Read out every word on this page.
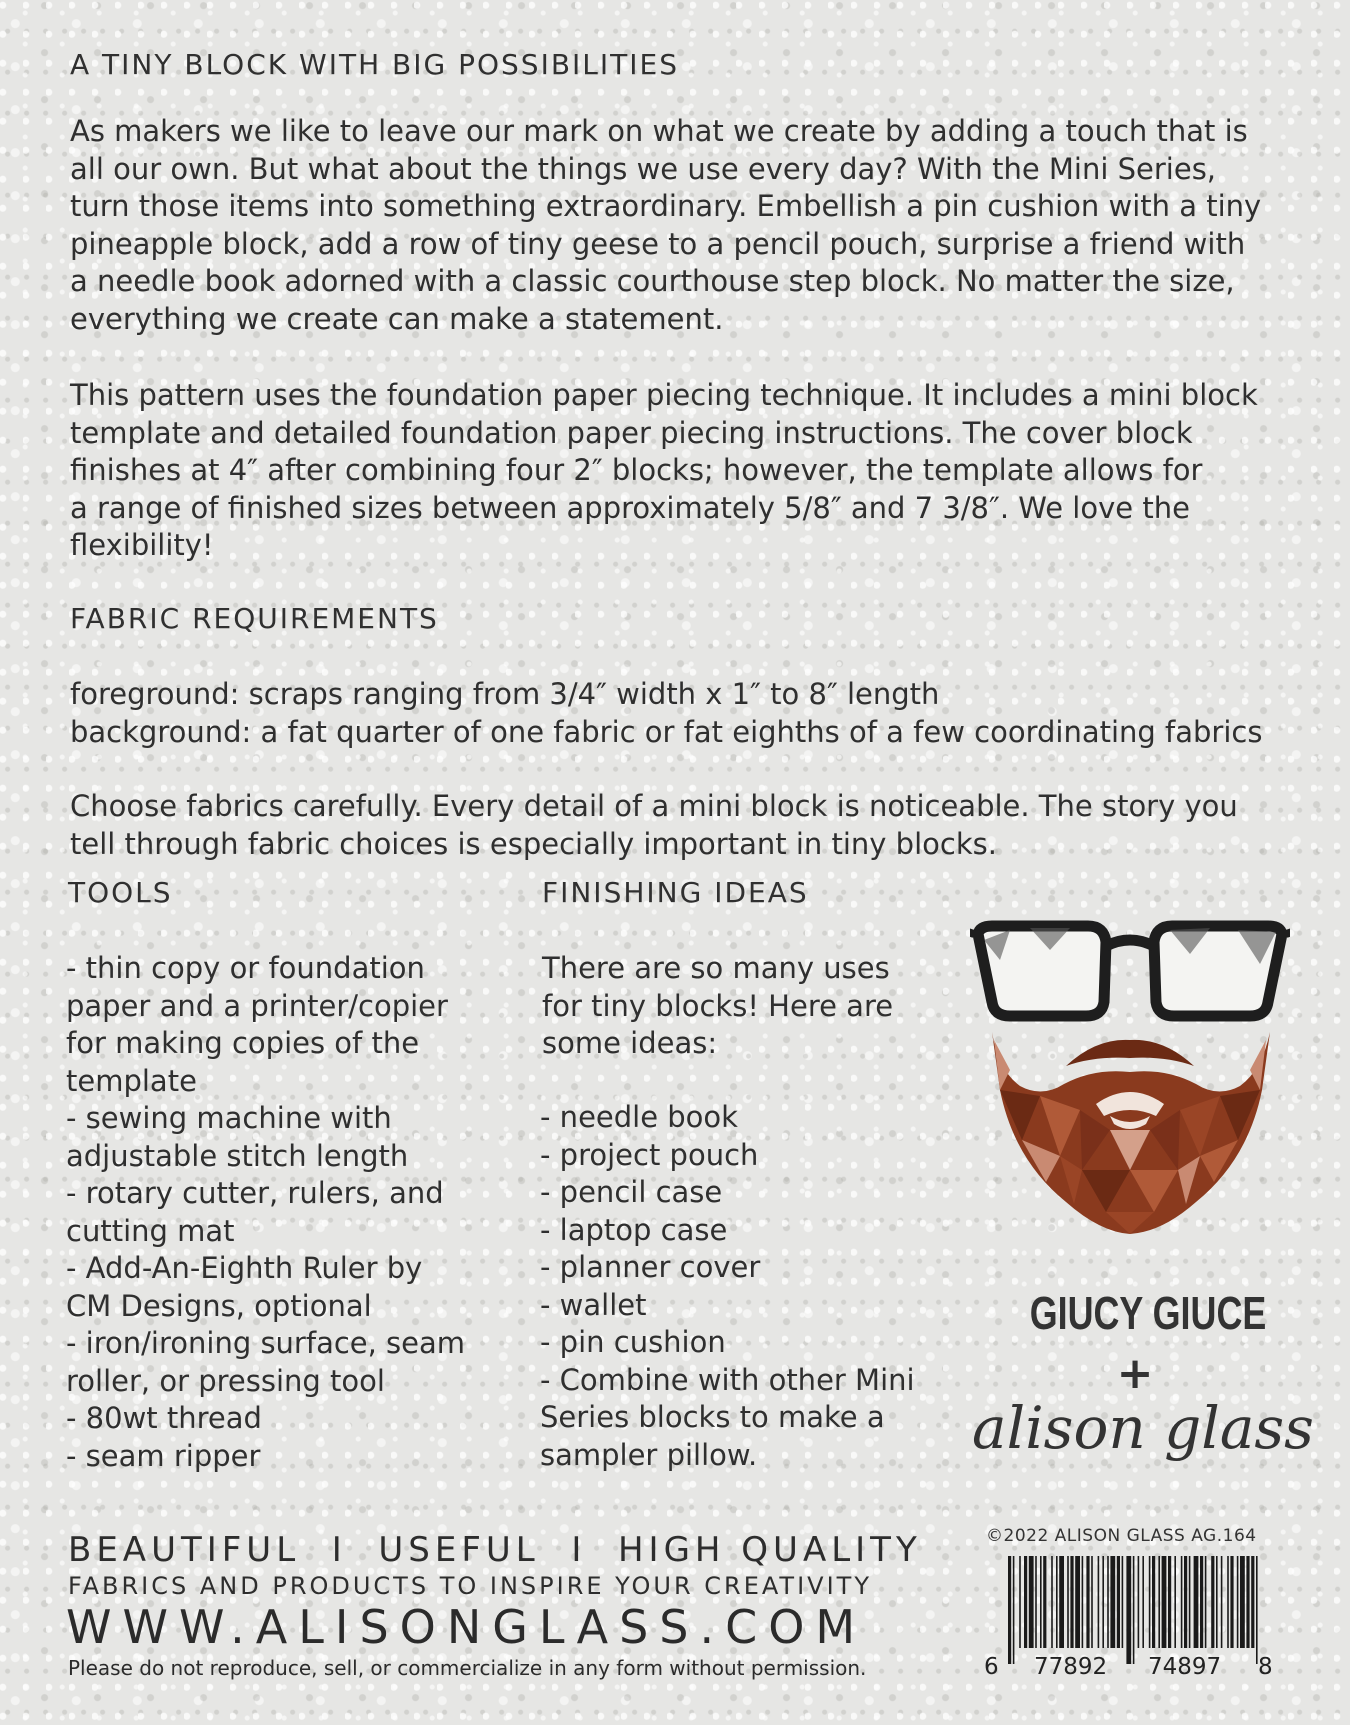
A TINY BLOCK WITH BIG POSSIBILITIES
As makers we like to leave our mark on what we create by adding a touch that is
all our own. But what about the things we use every day? With the Mini Series,
turn those items into something extraordinary. Embellish a pin cushion with a tiny
pineapple block, add a row of tiny geese to a pencil pouch, surprise a friend with
a needle book adorned with a classic courthouse step block. No matter the size,
everything we create can make a statement.
This pattern uses the foundation paper piecing technique. It includes a mini block
template and detailed foundation paper piecing instructions. The cover block
finishes at 4″ after combining four 2″ blocks; however, the template allows for
a range of finished sizes between approximately 5/8″ and 7 3/8″. We love the
flexibility!
FABRIC REQUIREMENTS
foreground: scraps ranging from 3/4″ width x 1″ to 8″ length
background: a fat quarter of one fabric or fat eighths of a few coordinating fabrics
Choose fabrics carefully. Every detail of a mini block is noticeable. The story you
tell through fabric choices is especially important in tiny blocks.
TOOLS
- thin copy or foundation
paper and a printer/copier
for making copies of the
template
- sewing machine with
adjustable stitch length
- rotary cutter, rulers, and
cutting mat
- Add-An-Eighth Ruler by
CM Designs, optional
- iron/ironing surface, seam
roller, or pressing tool
- 80wt thread
- seam ripper
FINISHING IDEAS
There are so many uses
for tiny blocks! Here are
some ideas:
- needle book
- project pouch
- pencil case
- laptop case
- planner cover
- wallet
- pin cushion
- Combine with other Mini
Series blocks to make a
sampler pillow.
GIUCY GIUCE
+
alison glass
BEAUTIFUL  I  USEFUL  I  HIGH QUALITY
FABRICS AND PRODUCTS TO INSPIRE YOUR CREATIVITY
WWW.ALISONGLASS.COM
Please do not reproduce, sell, or commercialize in any form without permission.
©2022 ALISON GLASS AG.164
6 77892 74897 8
